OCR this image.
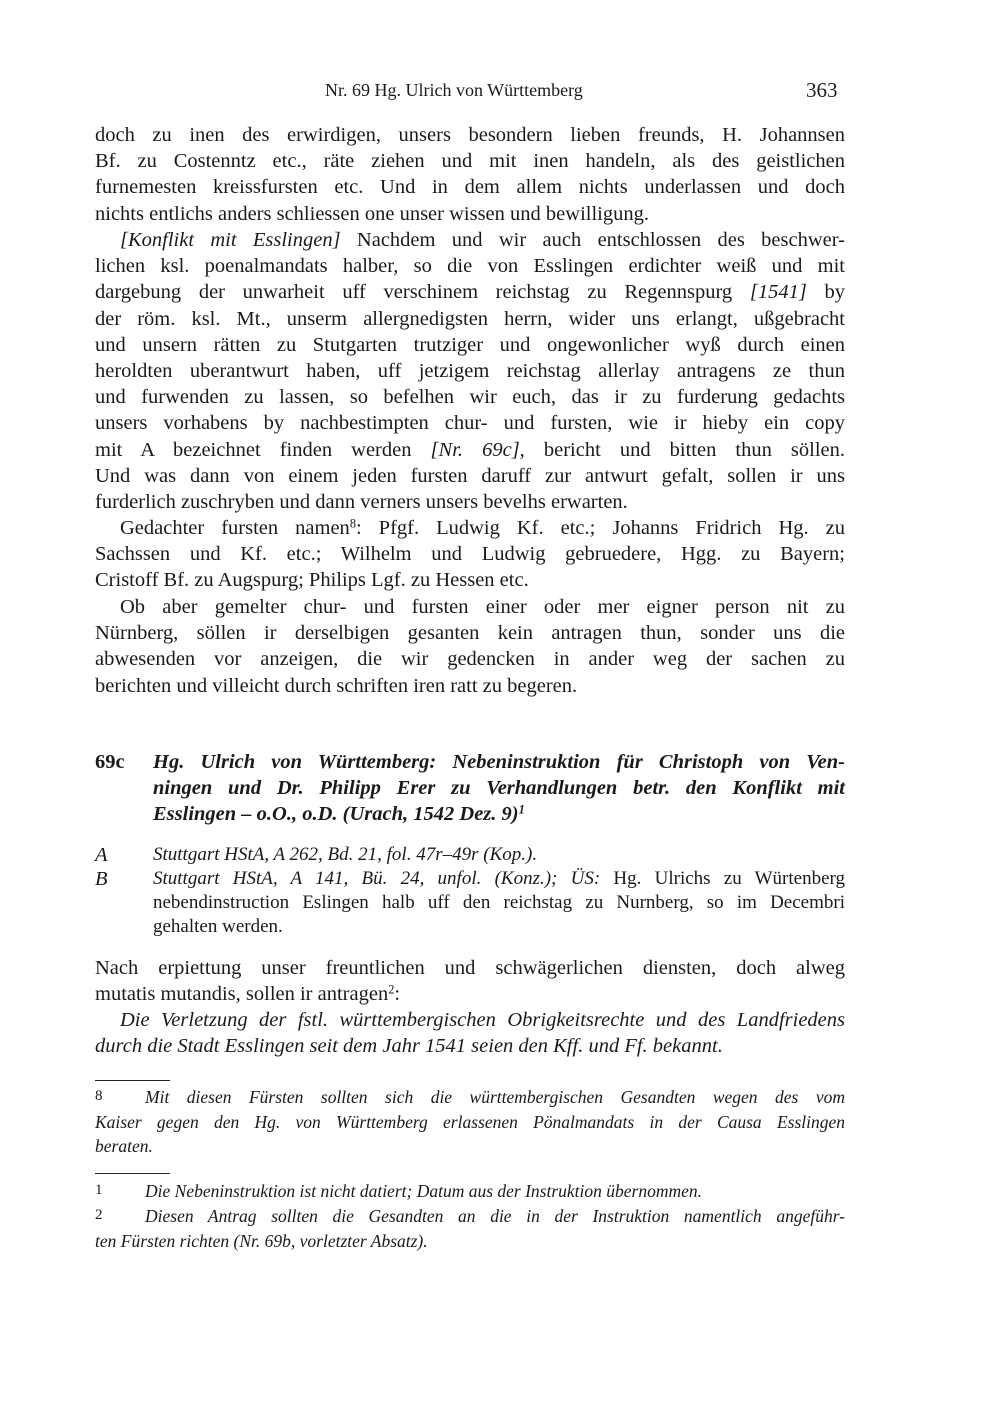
Nr. 69 Hg. Ulrich von Württemberg	363
doch zu inen des erwirdigen, unsers besondern lieben freunds, H. Johannsen
Bf. zu Costenntz etc., räte ziehen und mit inen handeln, als des geistlichen
furnemesten kreissfursten etc. Und in dem allem nichts underlassen und doch
nichts entlichs anders schliessen one unser wissen und bewilligung.
[Konflikt mit Esslingen] Nachdem und wir auch entschlossen des beschwer-
lichen ksl. poenalmandats halber, so die von Esslingen erdichter weiß und mit
dargebung der unwarheit uff verschinem reichstag zu Regennspurg [1541] by
der röm. ksl. Mt., unserm allergnedigsten herrn, wider uns erlangt, ußgebracht
und unsern rätten zu Stutgarten trutziger und ongewonlicher wyß durch einen
heroldten uberantwurt haben, uff jetzigem reichstag allerlay antragens ze thun
und furwenden zu lassen, so befelhen wir euch, das ir zu furderung gedachts
unsers vorhabens by nachbestimpten chur- und fursten, wie ir hieby ein copy
mit A bezeichnet finden werden [Nr. 69c], bericht und bitten thun söllen.
Und was dann von einem jeden fursten daruff zur antwurt gefalt, sollen ir uns
furderlich zuschryben und dann verners unsers bevelhs erwarten.
Gedachter fursten namen$^8$: Pfgf. Ludwig Kf. etc.; Johanns Fridrich Hg. zu
Sachssen und Kf. etc.; Wilhelm und Ludwig gebruedere, Hgg. zu Bayern;
Cristoff Bf. zu Augspurg; Philips Lgf. zu Hessen etc.
Ob aber gemelter chur- und fursten einer oder mer eigner person nit zu
Nürnberg, söllen ir derselbigen gesanten kein antragen thun, sonder uns die
abwesenden vor anzeigen, die wir gedencken in ander weg der sachen zu
berichten und villeicht durch schriften iren ratt zu begeren.
69c Hg. Ulrich von Württemberg: Nebeninstruktion für Christoph von Ven-
ningen und Dr. Philipp Erer zu Verhandlungen betr. den Konflikt mit
Esslingen – o.O., o.D. (Urach, 1542 Dez. 9)$^1$
A Stuttgart HStA, A 262, Bd. 21, fol. 47r–49r (Kop.).
B Stuttgart HStA, A 141, Bü. 24, unfol. (Konz.); ÜS: Hg. Ulrichs zu Würtenberg
nebendinstruction Eslingen halb uff den reichstag zu Nurnberg, so im Decembri
gehalten werden.
Nach erpiettung unser freuntlichen und schwägerlichen diensten, doch alweg
mutatis mutandis, sollen ir antragen$^2$:
Die Verletzung der fstl. württembergischen Obrigkeitsrechte und des Landfriedens
durch die Stadt Esslingen seit dem Jahr 1541 seien den Kff. und Ff. bekannt.
$^8$ Mit diesen Fürsten sollten sich die württembergischen Gesandten wegen des vom
Kaiser gegen den Hg. von Württemberg erlassenen Pönalmandats in der Causa Esslingen
beraten.
$^1$ Die Nebeninstruktion ist nicht datiert; Datum aus der Instruktion übernommen.
$^2$ Diesen Antrag sollten die Gesandten an die in der Instruktion namentlich angeführ-
ten Fürsten richten (Nr. 69b, vorletzter Absatz).
